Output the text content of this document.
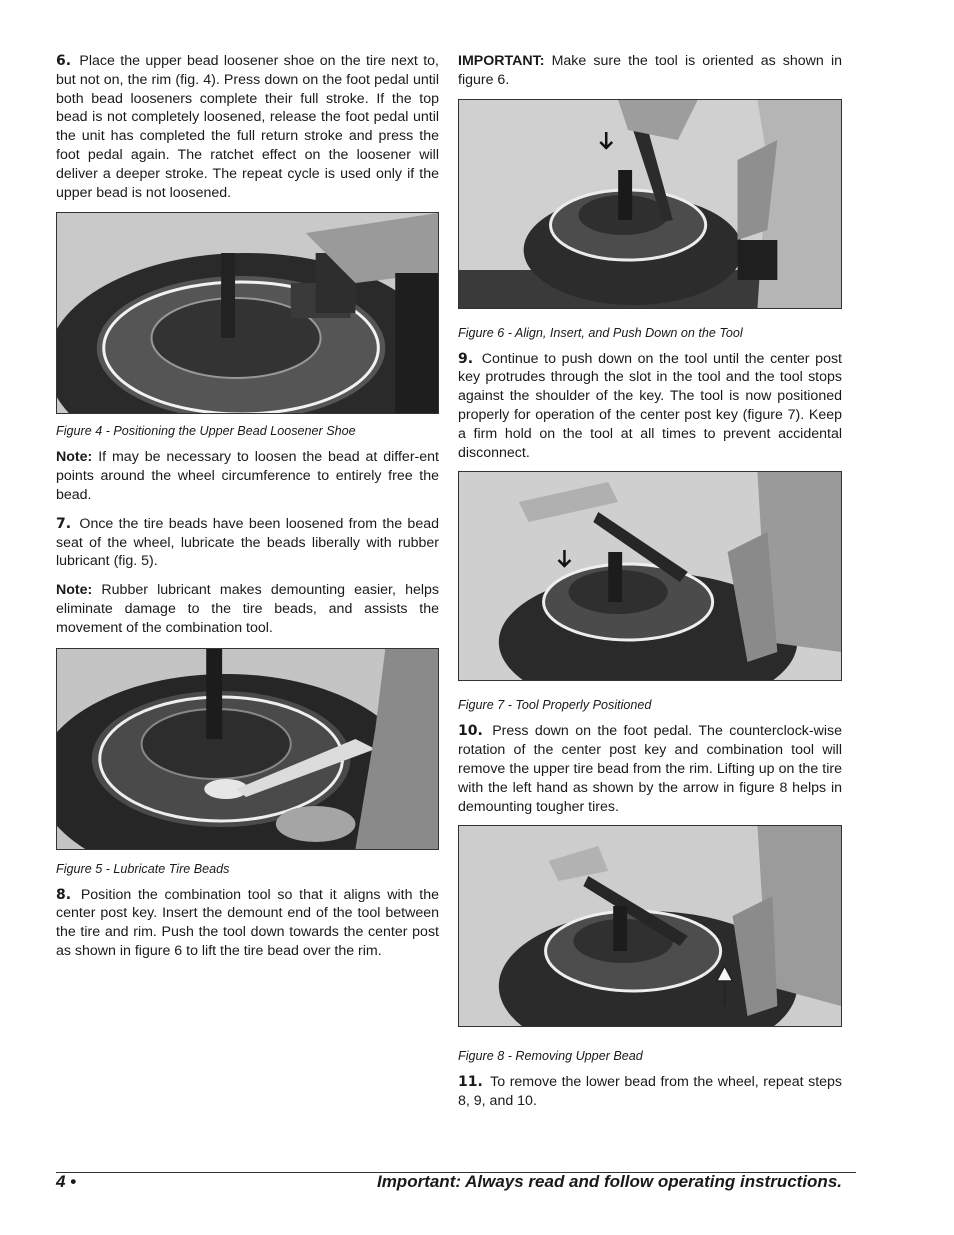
6. Place the upper bead loosener shoe on the tire next to, but not on, the rim (fig. 4). Press down on the foot pedal until both bead looseners complete their full stroke. If the top bead is not completely loosened, release the foot pedal until the unit has completed the full return stroke and press the foot pedal again. The ratchet effect on the loosener will deliver a deeper stroke. The repeat cycle is used only if the upper bead is not loosened.

Figure 4 - Positioning the Upper Bead Loosener Shoe

Note: If may be necessary to loosen the bead at differ-ent points around the wheel circumference to entirely free the bead.

7. Once the tire beads have been loosened from the bead seat of the wheel, lubricate the beads liberally with rubber lubricant (fig. 5).

Note: Rubber lubricant makes demounting easier, helps eliminate damage to the tire beads, and assists the movement of the combination tool.

Figure 5 - Lubricate Tire Beads

8. Position the combination tool so that it aligns with the center post key. Insert the demount end of the tool between the tire and rim. Push the tool down towards the center post as shown in figure 6 to lift the tire bead over the rim.

IMPORTANT: Make sure the tool is oriented as shown in figure 6.

Figure 6 - Align, Insert, and Push Down on the Tool

9. Continue to push down on the tool until the center post key protrudes through the slot in the tool and the tool stops against the shoulder of the key. The tool is now positioned properly for operation of the center post key (figure 7). Keep a firm hold on the tool at all times to prevent accidental disconnect.

Figure 7 - Tool Properly Positioned

10. Press down on the foot pedal. The counterclock-wise rotation of the center post key and combination tool will remove the upper tire bead from the rim. Lifting up on the tire with the left hand as shown by the arrow in figure 8 helps in demounting tougher tires.

Figure 8 - Removing Upper Bead

11. To remove the lower bead from the wheel, repeat steps 8, 9, and 10.

4 •	Important: Always read and follow operating instructions.
